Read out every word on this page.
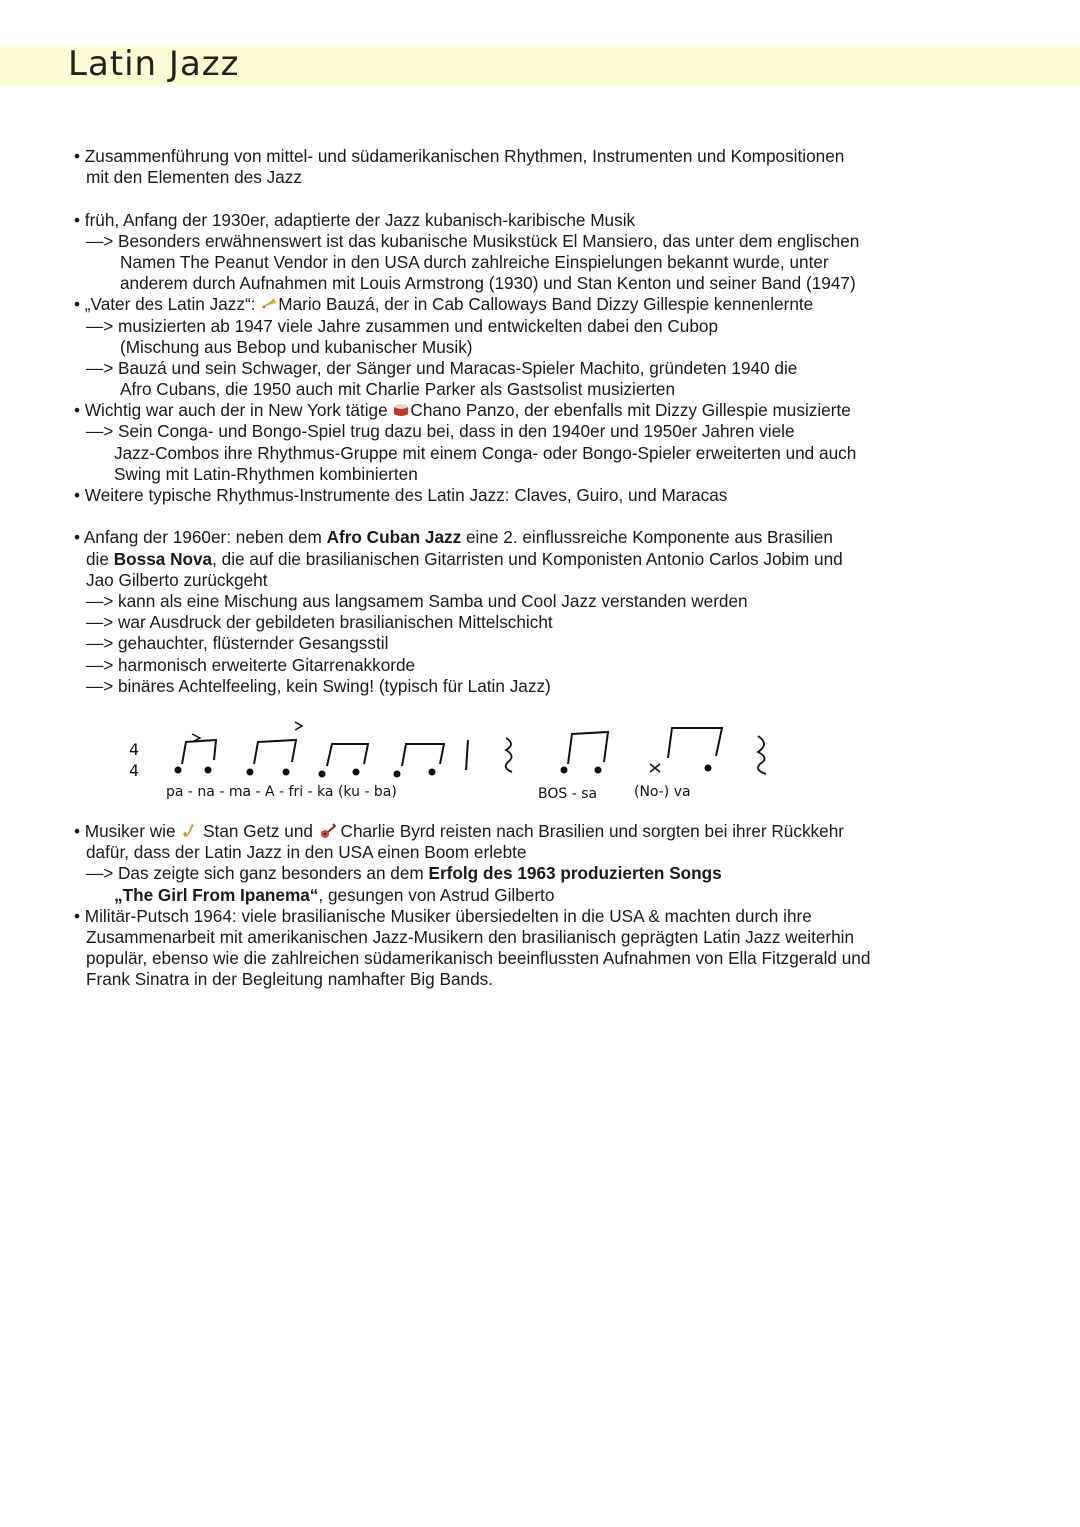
Latin Jazz
• Zusammenführung von mittel- und südamerikanischen Rhythmen, Instrumenten und Kompositionen
mit den Elementen des Jazz
• früh, Anfang der 1930er, adaptierte der Jazz kubanisch-karibische Musik
—> Besonders erwähnenswert ist das kubanische Musikstück El Mansiero, das unter dem englischen
Namen The Peanut Vendor in den USA durch zahlreiche Einspielungen bekannt wurde, unter
anderem durch Aufnahmen mit Louis Armstrong (1930) und Stan Kenton und seiner Band (1947)
• „Vater des Latin Jazz“: Mario Bauzá, der in Cab Calloways Band Dizzy Gillespie kennenlernte
—> musizierten ab 1947 viele Jahre zusammen und entwickelten dabei den Cubop
(Mischung aus Bebop und kubanischer Musik)
—> Bauzá und sein Schwager, der Sänger und Maracas-Spieler Machito, gründeten 1940 die
Afro Cubans, die 1950 auch mit Charlie Parker als Gastsolist musizierten
• Wichtig war auch der in New York tätige Chano Panzo, der ebenfalls mit Dizzy Gillespie musizierte
—> Sein Conga- und Bongo-Spiel trug dazu bei, dass in den 1940er und 1950er Jahren viele
Jazz-Combos ihre Rhythmus-Gruppe mit einem Conga- oder Bongo-Spieler erweiterten und auch
Swing mit Latin-Rhythmen kombinierten
• Weitere typische Rhythmus-Instrumente des Latin Jazz: Claves, Guiro, und Maracas
• Anfang der 1960er: neben dem Afro Cuban Jazz eine 2. einflussreiche Komponente aus Brasilien
die Bossa Nova, die auf die brasilianischen Gitarristen und Komponisten Antonio Carlos Jobim und
Jao Gilberto zurückgeht
—> kann als eine Mischung aus langsamem Samba und Cool Jazz verstanden werden
—> war Ausdruck der gebildeten brasilianischen Mittelschicht
—> gehauchter, flüsternder Gesangsstil
—> harmonisch erweiterte Gitarrenakkorde
—> binäres Achtelfeeling, kein Swing! (typisch für Latin Jazz)
4
4
pa - na - ma - A - fri - ka (ku - ba)	BOS - sa	(No-) va
• Musiker wie  Stan Getz und  Charlie Byrd reisten nach Brasilien und sorgten bei ihrer Rückkehr
dafür, dass der Latin Jazz in den USA einen Boom erlebte
—> Das zeigte sich ganz besonders an dem Erfolg des 1963 produzierten Songs
„The Girl From Ipanema“, gesungen von Astrud Gilberto
• Militär-Putsch 1964: viele brasilianische Musiker übersiedelten in die USA & machten durch ihre
Zusammenarbeit mit amerikanischen Jazz-Musikern den brasilianisch geprägten Latin Jazz weiterhin
populär, ebenso wie die zahlreichen südamerikanisch beeinflussten Aufnahmen von Ella Fitzgerald und
Frank Sinatra in der Begleitung namhafter Big Bands.
